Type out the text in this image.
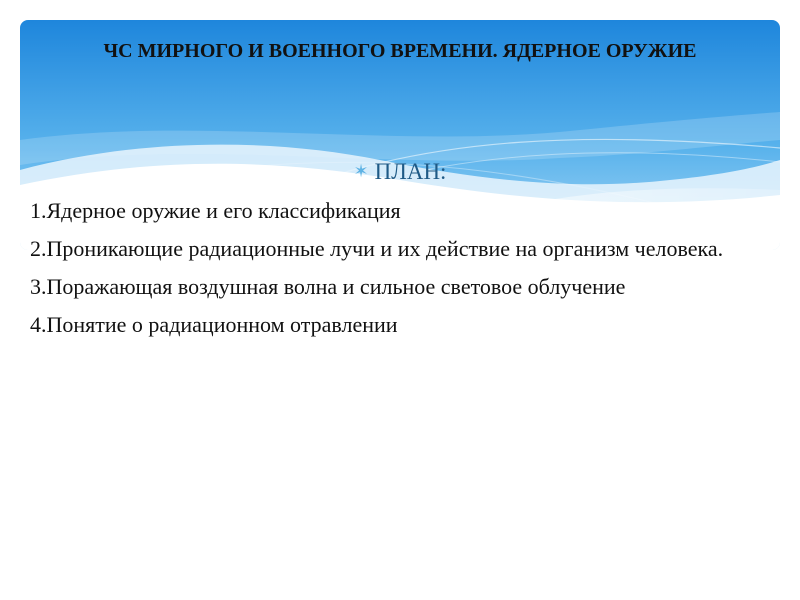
ЧС МИРНОГО И ВОЕННОГО ВРЕМЕНИ. ЯДЕРНОЕ ОРУЖИЕ
✶ ПЛАН:
1.Ядерное оружие и его классификация
2.Проникающие радиационные лучи и их действие на организм человека.
3.Поражающая воздушная волна и сильное световое облучение
4.Понятие о радиационном отравлении
